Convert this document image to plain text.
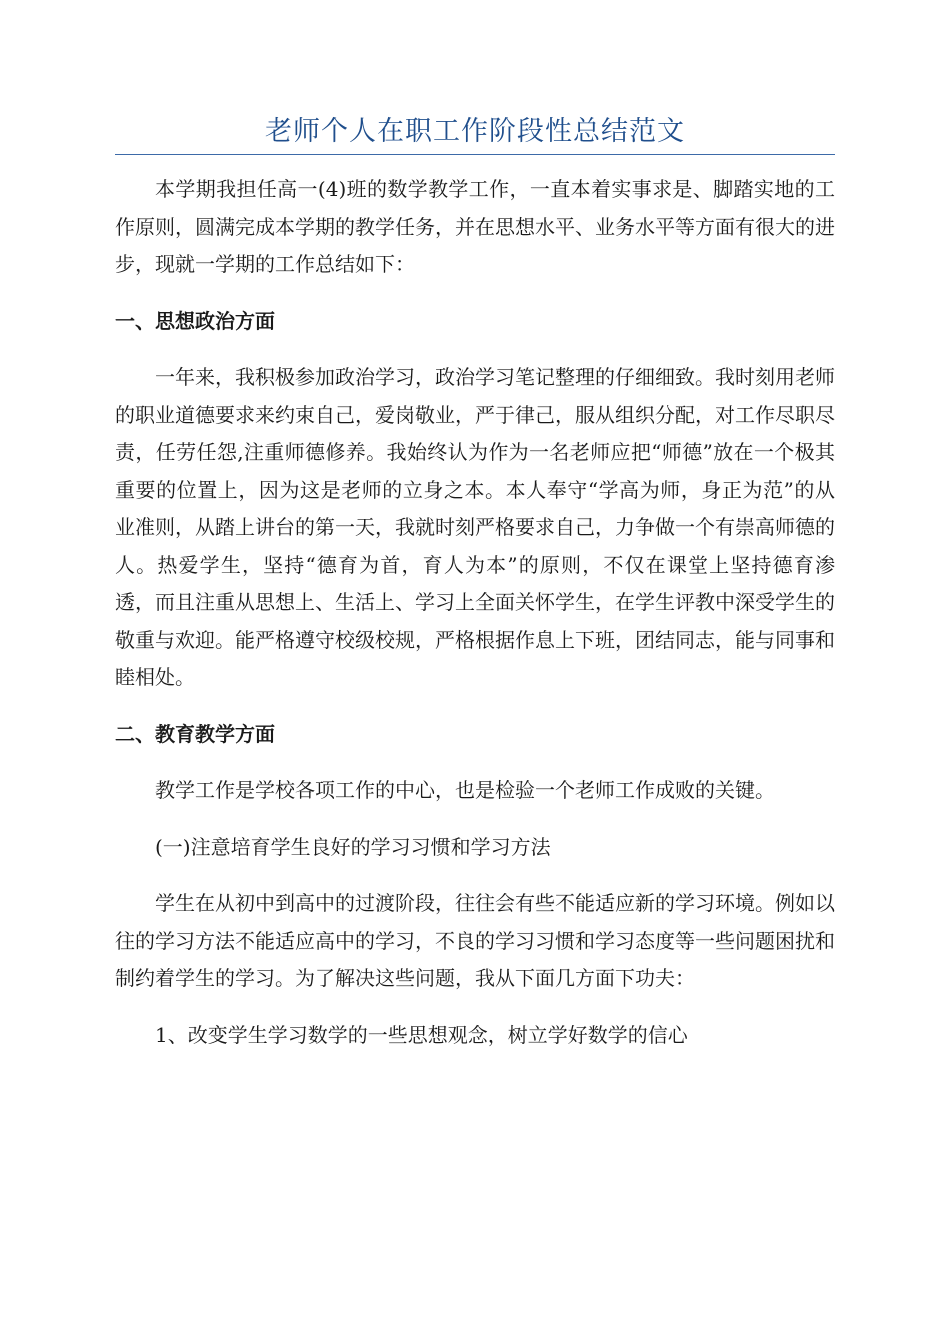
老师个人在职工作阶段性总结范文

本学期我担任高一(4)班的数学教学工作，一直本着实事求是、脚踏实地的工作原则，圆满完成本学期的教学任务，并在思想水平、业务水平等方面有很大的进步，现就一学期的工作总结如下：

一、思想政治方面

一年来，我积极参加政治学习，政治学习笔记整理的仔细细致。我时刻用老师的职业道德要求来约束自己，爱岗敬业，严于律己，服从组织分配，对工作尽职尽责，任劳任怨,注重师德修养。我始终认为作为一名老师应把“师德”放在一个极其重要的位置上，因为这是老师的立身之本。本人奉守“学高为师，身正为范”的从业准则，从踏上讲台的第一天，我就时刻严格要求自己，力争做一个有崇高师德的人。热爱学生，坚持“德育为首，育人为本”的原则，不仅在课堂上坚持德育渗透，而且注重从思想上、生活上、学习上全面关怀学生，在学生评教中深受学生的敬重与欢迎。能严格遵守校级校规，严格根据作息上下班，团结同志，能与同事和睦相处。

二、教育教学方面

教学工作是学校各项工作的中心，也是检验一个老师工作成败的关键。

(一)注意培育学生良好的学习习惯和学习方法

学生在从初中到高中的过渡阶段，往往会有些不能适应新的学习环境。例如以往的学习方法不能适应高中的学习，不良的学习习惯和学习态度等一些问题困扰和制约着学生的学习。为了解决这些问题，我从下面几方面下功夫：

1、改变学生学习数学的一些思想观念，树立学好数学的信心
